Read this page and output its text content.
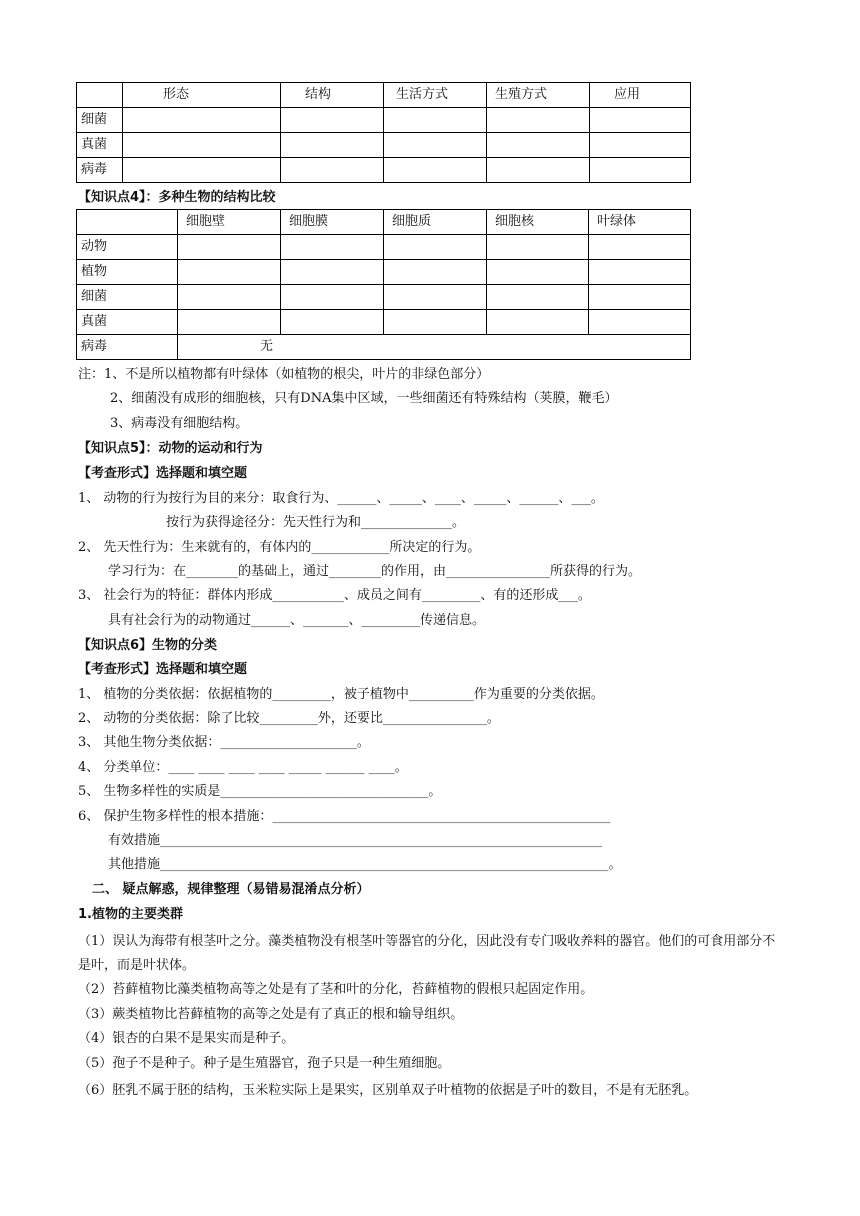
	形态	结构	生活方式	生殖方式	应用
细菌					
真菌					
病毒					
【知识点4】：多种生物的结构比较
	细胞壁	细胞膜	细胞质	细胞核	叶绿体
动物					
植物					
细菌					
真菌					
病毒	无				
注：1、不是所以植物都有叶绿体（如植物的根尖，叶片的非绿色部分）
2、细菌没有成形的细胞核，只有DNA集中区域，一些细菌还有特殊结构（荚膜，鞭毛）
3、病毒没有细胞结构。
【知识点5】：动物的运动和行为
【考查形式】选择题和填空题
1、 动物的行为按行为目的来分：取食行为、______、_____、____、_____、______、___。
按行为获得途径分：先天性行为和______________。
2、 先天性行为：生来就有的，有体内的____________所决定的行为。
学习行为：在________的基础上，通过________的作用，由________________所获得的行为。
3、 社会行为的特征：群体内形成___________、成员之间有_________、有的还形成___。
具有社会行为的动物通过______、_______、_________传递信息。
【知识点6】生物的分类
【考查形式】选择题和填空题
1、 植物的分类依据：依据植物的_________，被子植物中__________作为重要的分类依据。
2、 动物的分类依据：除了比较_________外，还要比________________。
3、 其他生物分类依据：_____________________。
4、 分类单位：____ ____ ____ ____ _____ ______ ____。
5、 生物多样性的实质是________________________________。
6、 保护生物多样性的根本措施：____________________________________________________
有效措施____________________________________________________________________
其他措施_____________________________________________________________________。
二、 疑点解惑，规律整理（易错易混淆点分析）
1.植物的主要类群
（1）误认为海带有根茎叶之分。藻类植物没有根茎叶等器官的分化，因此没有专门吸收养料的器官。他们的可食用部分不是叶，而是叶状体。
（2）苔藓植物比藻类植物高等之处是有了茎和叶的分化，苔藓植物的假根只起固定作用。
（3）蕨类植物比苔藓植物的高等之处是有了真正的根和输导组织。
（4）银杏的白果不是果实而是种子。
（5）孢子不是种子。种子是生殖器官，孢子只是一种生殖细胞。
（6）胚乳不属于胚的结构，玉米粒实际上是果实，区别单双子叶植物的依据是子叶的数目，不是有无胚乳。
